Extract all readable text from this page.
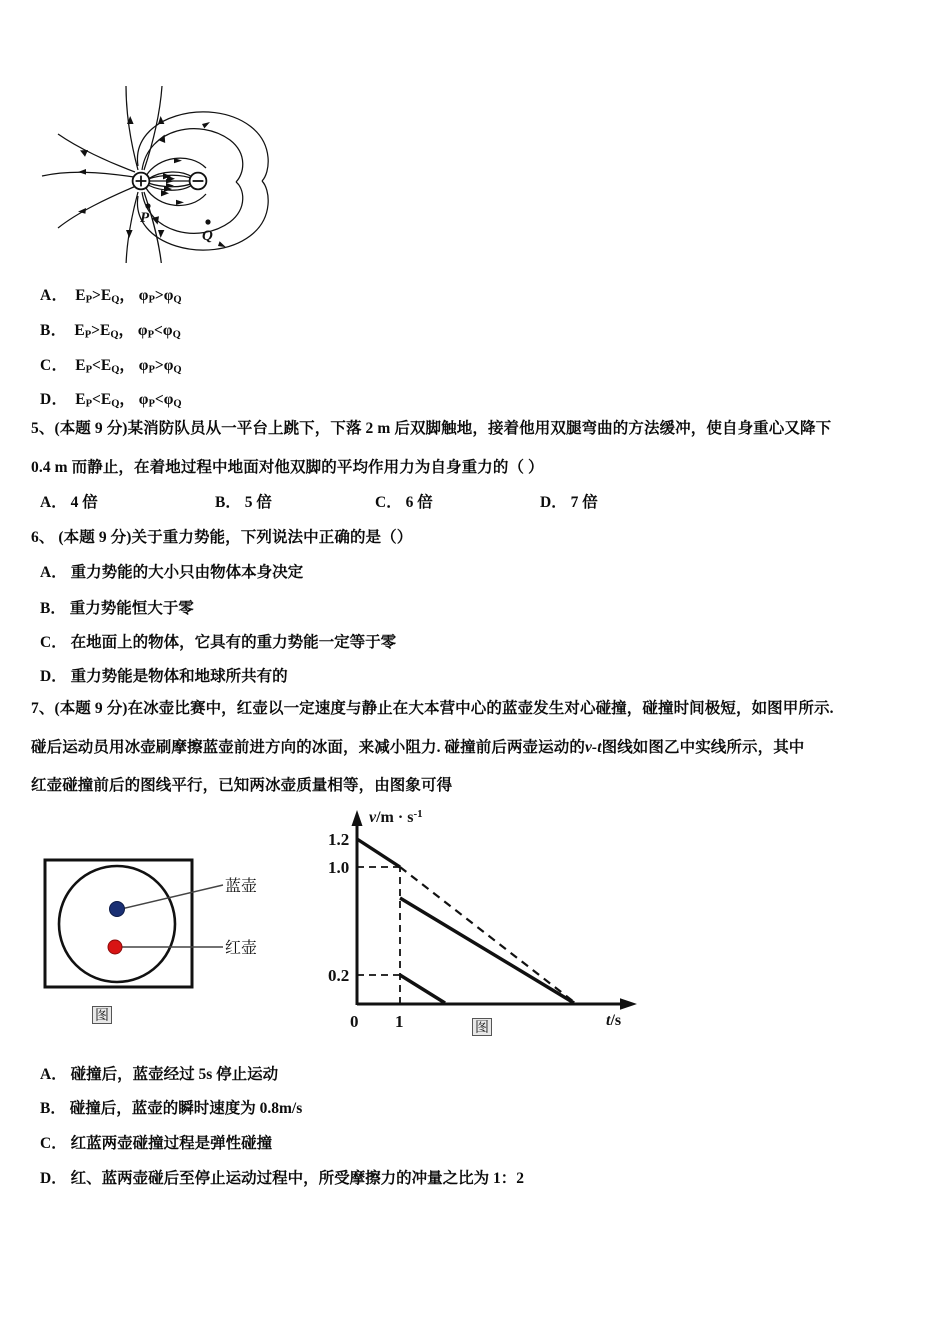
P
Q
A． $E_P>E_Q$， $\varphi_P>\varphi_Q$
B． $E_P>E_Q$， $\varphi_P<\varphi_Q$
C． $E_P<E_Q$， $\varphi_P>\varphi_Q$
D． $E_P<E_Q$， $\varphi_P<\varphi_Q$
5、(本题 9 分)某消防队员从一平台上跳下，下落 2 m 后双脚触地，接着他用双腿弯曲的方法缓冲，使自身重心又降下
0.4 m 而静止，在着地过程中地面对他双脚的平均作用力为自身重力的（ ）
A． 4 倍	B． 5 倍	C． 6 倍	D． 7 倍
6、 (本题 9 分)关于重力势能，下列说法中正确的是（）
A． 重力势能的大小只由物体本身决定
B． 重力势能恒大于零
C． 在地面上的物体，它具有的重力势能一定等于零
D． 重力势能是物体和地球所共有的
7、(本题 9 分)在冰壶比赛中，红壶以一定速度与静止在大本营中心的蓝壶发生对心碰撞，碰撞时间极短，如图甲所示.
碰后运动员用冰壶刷摩擦蓝壶前进方向的冰面，来减小阻力. 碰撞前后两壶运动的v-t图线如图乙中实线所示，其中
红壶碰撞前后的图线平行，已知两冰壶质量相等，由图象可得
蓝壶
红壶
图
$v/m \cdot s^{-1}$
t/s
1.2
1.0
0.2
0 1	图
A． 碰撞后，蓝壶经过 5s 停止运动
B． 碰撞后，蓝壶的瞬时速度为 0.8m/s
C． 红蓝两壶碰撞过程是弹性碰撞
D． 红、蓝两壶碰后至停止运动过程中，所受摩擦力的冲量之比为 1：2
